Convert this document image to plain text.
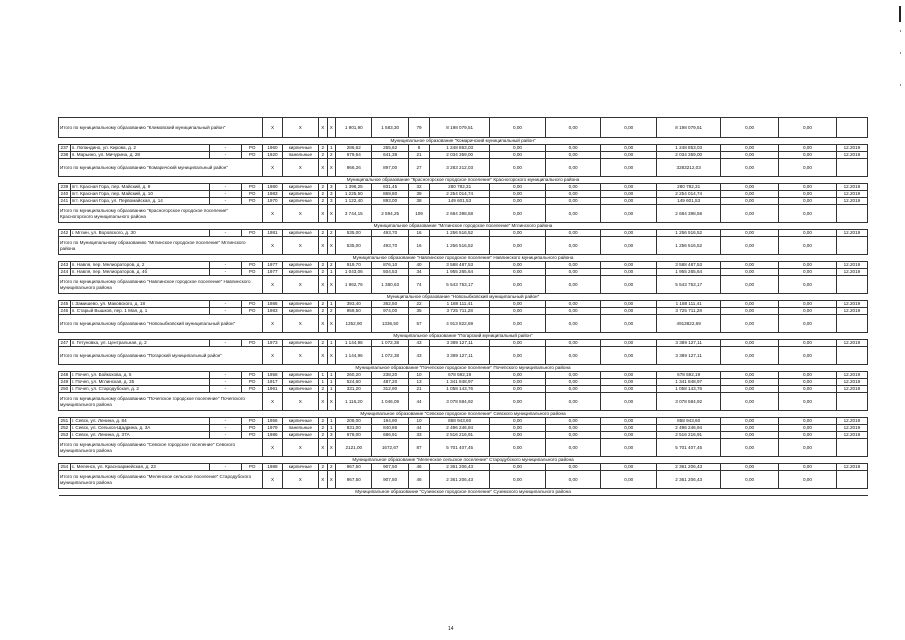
Итого по муниципальному образованию "Климовский муниципальный район"				X	X	X	X	1 901,90	1 583,30	79	8 198 079,51	0,00	0,00	0,00	8 198 079,51	0,00	0,00	
Муниципальное образование "Комаричский муниципальный район"																		
237	п. Лопандино, ул. Кирова, д. 2	-	РО	1960	кирпичные	2	1	286,62	255,62	8	1 248 853,03	0,00	0,00	0,00	1 248 853,03	0,00	0,00	12.2019
238	п. Марьино, ул. Мичурина, д. 28	-	РО	1920	панельные	2	2	679,64	641,38	21	2 034 359,00	0,00	0,00	0,00	2 034 359,00	0,00	0,00	12.2019
Итого по муниципальному образованию "Комаричский муниципальный район"				X	X	X	X	966,26	897,00	27	3 283 212,03	0,00	0,00	0,00	3283212,03	0,00	0,00	
Муниципальное образование "Красногорское городское поселение" Красногорского муниципального района																		
239	пгт. Красная Гора, пер. Майский, д. 9	-	РО	1980	кирпичные	2	3	1 396,25	831,45	32	280 782,31	0,00	0,00	0,00	280 782,31	0,00	0,00	12.2019
240	пгт. Красная Гора, пер. Майский, д. 10	-	РО	1983	кирпичные	2	3	1 225,50	869,80	39	2 254 014,74	0,00	0,00	0,00	2 254 014,74	0,00	0,00	12.2019
241	пгт. Красная Гора, ул. Первомайская, д. 14	-	РО	1970	кирпичные	2	3	1 122,40	893,00	38	149 601,53	0,00	0,00	0,00	149 601,53	0,00	0,00	12.2019
Итого по муниципальному образованию "Красногорское городское поселение" Красногорского муниципального района				X	X	X	X	3 744,15	2 594,25	109	2 684 398,58	0,00	0,00	0,00	2 684 398,58	0,00	0,00	
Муниципальное образование "Мглинское городское поселение" Мглинского района																		
242	г. Мглин, ул. Воровского, д. 30	-	РО	1981	кирпичные	2	2	535,00	493,70	16	1 256 516,52	0,00	0,00	0,00	1 256 516,52	0,00	0,00	12.2019
Итого по Муниципальному образованию "Мглинское городское поселение" Мглинского района				X	X	X	X	535,00	493,70	16	1 256 516,52	0,00	0,00	0,00	1 256 516,52	0,00	0,00	
Муниципальное образование "Навлинское городское поселение" Навлинского муниципального района																		
243	п. Навля, пер. Мелиораторов, д. 2	-	РО	1977	кирпичные	2	2	919,70	876,10	40	3 588 487,53	0,00	0,00	0,00	3 588 487,53	0,00	0,00	12.2019
244	п. Навля, пер. Мелиораторов, д. 4б	-	РО	1977	кирпичные	2	1	1 043,06	504,53	34	1 955 265,64	0,00	0,00	0,00	1 955 265,64	0,00	0,00	12.2019
Итого по муниципальному образованию "Навлинское городское поселение" Навлинского муниципального района				X	X	X	X	1 962,76	1 380,63	74	5 543 753,17	0,00	0,00	0,00	5 543 753,17	0,00	0,00	
Муниципальное образование "Новозыбковский муниципальный район"																		
245	г. Замишево, ул. Маковского, д. 18	-	РО	1986	кирпичные	2	1	393,40	362,50	22	1 188 111,41	0,00	0,00	0,00	1 188 111,41	0,00	0,00	12.2019
246	п. Старый Вышков, пер. 1 Мая, д. 1	-	РО	1983	кирпичные	2	2	959,50	974,00	35	3 725 711,28	0,00	0,00	0,00	3 725 711,28	0,00	0,00	12.2019
Итого по муниципальному образованию "Новозыбковский муниципальный район"				X	X	X	X	1352,90	1336,50	57	4 913 822,69	0,00	0,00	0,00	4913822,69	0,00	0,00	
Муниципальное образование "Погарский муниципальный район"																		
247	п. Гетуновка, ул. Центральная, д. 2	-	РО	1973	кирпичные	2	1	1 144,96	1 072,38	43	3 389 127,11	0,00	0,00	0,00	3 389 127,11	0,00	0,00	12.2019
Итого по муниципальному образованию "Погарский муниципальный район"				X	X	X	X	1 144,96	1 072,38	43	3 389 127,11	0,00	0,00	0,00	3 389 127,11	0,00	0,00	
Муниципальное образование "Почепское городское поселение" Почепского муниципального района																		
248	г. Почеп, ул. Бойкохова, д. 5	-	РО	1958	кирпичные	1	1	260,20	238,20	10	678 592,19	0,00	0,00	0,00	678 592,19	0,00	0,00	12.2019
249	г. Почеп, ул. Мглинская, д. 35	-	РО	1917	кирпичные	1	1	524,60	487,20	13	1 341 848,97	0,00	0,00	0,00	1 341 848,97	0,00	0,00	12.2019
250	г. Почеп, ул. Стародубская, д. 2	-	РО	1961	кирпичные	2	1	331,20	312,90	21	1 058 143,76	0,00	0,00	0,00	1 058 143,76	0,00	0,00	12.2019
Итого по муниципальному образованию "Почепское городское поселение" Почепского муниципального района				X	X	X	X	1 116,20	1 046,09	44	3 078 584,92	0,00	0,00	0,00	3 078 584,92	0,00	0,00	
Муниципальное образование "Севское городское поселение" Севского муниципального района																		
251	г. Севск, ул. Ленина, д. 84	-	РО	1956	кирпичные	2	1	208,00	194,90	10	858 943,60	0,00	0,00	0,00	858 943,60	0,00	0,00	12.2019
252	г. Севск, ул. Сельхоз-Щадрина, д. 3А	-	РО	1979	панельные	2	1	831,00	840,86	44	2 496 246,94	0,00	0,00	0,00	2 496 246,94	0,00	0,00	12.2019
253	г. Севск, ул. Ленина, д. 37А	-	РО	1986	кирпичные	2	3	678,00	686,91	33	2 516 216,91	0,00	0,00	0,00	2 516 216,91	0,00	0,00	12.2019
Итого по муниципальному образованию "Севское городское поселение" Севского муниципального района				X	X	X	X	2121,00	1672,67	87	5 701 407,45	0,00	0,00	0,00	5 701 407,45	0,00	0,00	
Муниципальное образование "Меленское сельское поселение" Стародубского муниципального района																		
254	с. Меленск, ул. Красноармейская, д. 23	-	РО	1988	кирпичные	2	2	967,50	907,50	46	2 361 206,43	0,00	0,00	0,00	2 361 206,43	0,00	0,00	12.2019
Итого по муниципальному образованию "Меленское сельское поселение" Стародубского муниципального района				X	X	X	X	967,50	907,50	46	2 361 206,43	0,00	0,00	0,00	2 361 206,43	0,00	0,00	
Муниципальное образование "Суземское городское поселение" Суземского муниципального района																		
14
